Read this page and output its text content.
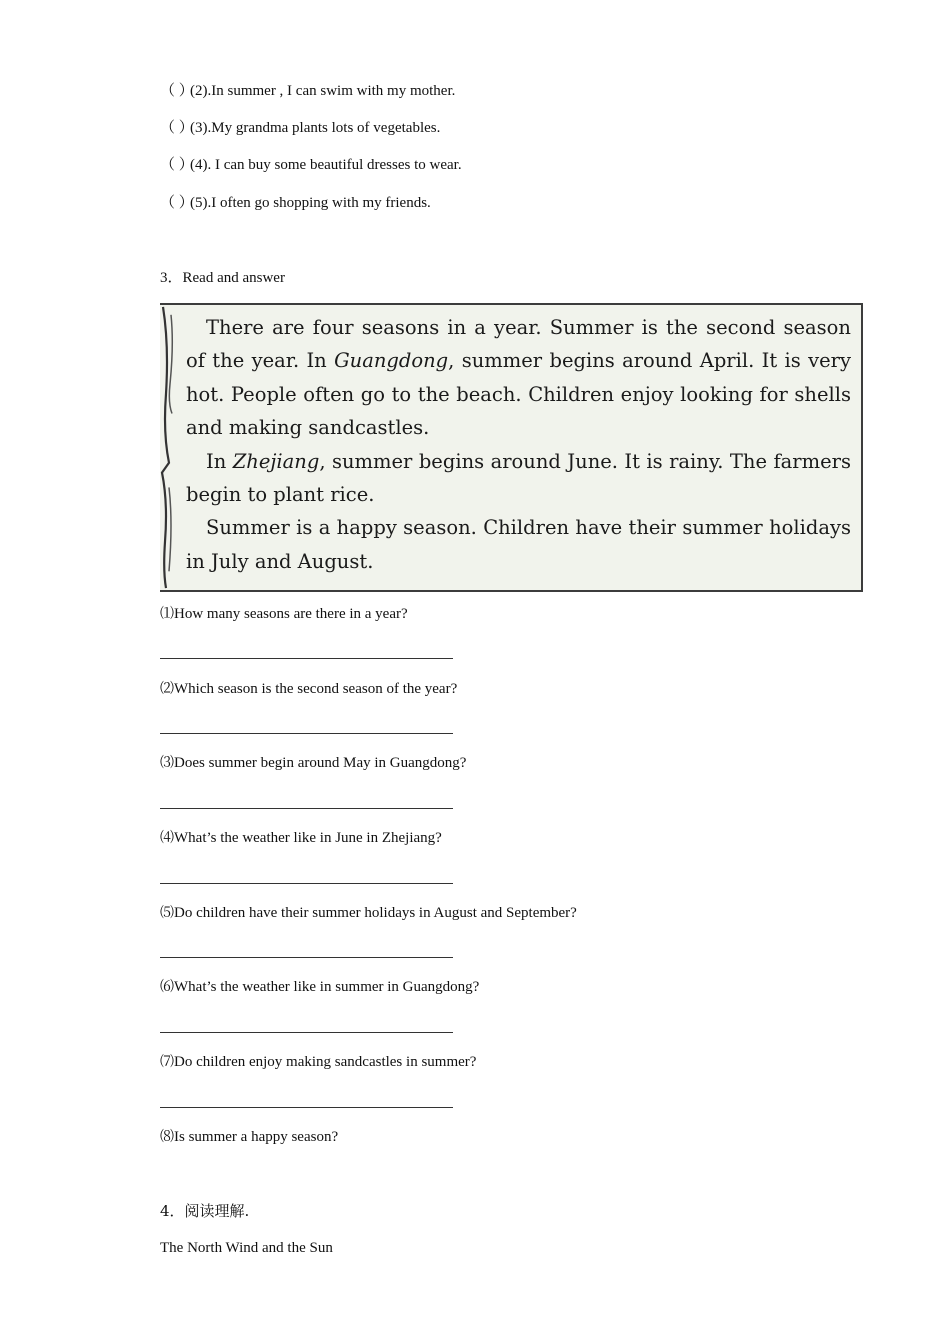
（ ）
(2).In summer , I can swim with my mother.
（ ）
(3).My grandma plants lots of vegetables.
（ ）
(4). I can buy some beautiful dresses to wear.
（ ）
(5).I often go shopping with my friends.
3．Read and answer

There are four seasons in a year. Summer is the second season of the year. In Guangdong, summer begins around April. It is very hot. People often go to the beach. Children enjoy looking for shells and making sandcastles.

In Zhejiang, summer begins around June. It is rainy. The farmers begin to plant rice.

Summer is a happy season. Children have their summer holidays in July and August.

⑴How many seasons are there in a year?
⑵Which season is the second season of the year?
⑶Does summer begin around May in Guangdong?
⑷What’s the weather like in June in Zhejiang?
⑸Do children have their summer holidays in August and September?
⑹What’s the weather like in summer in Guangdong?
⑺Do children enjoy making sandcastles in summer?
⑻Is summer a happy season?
4．阅读理解.
The North Wind and the Sun
